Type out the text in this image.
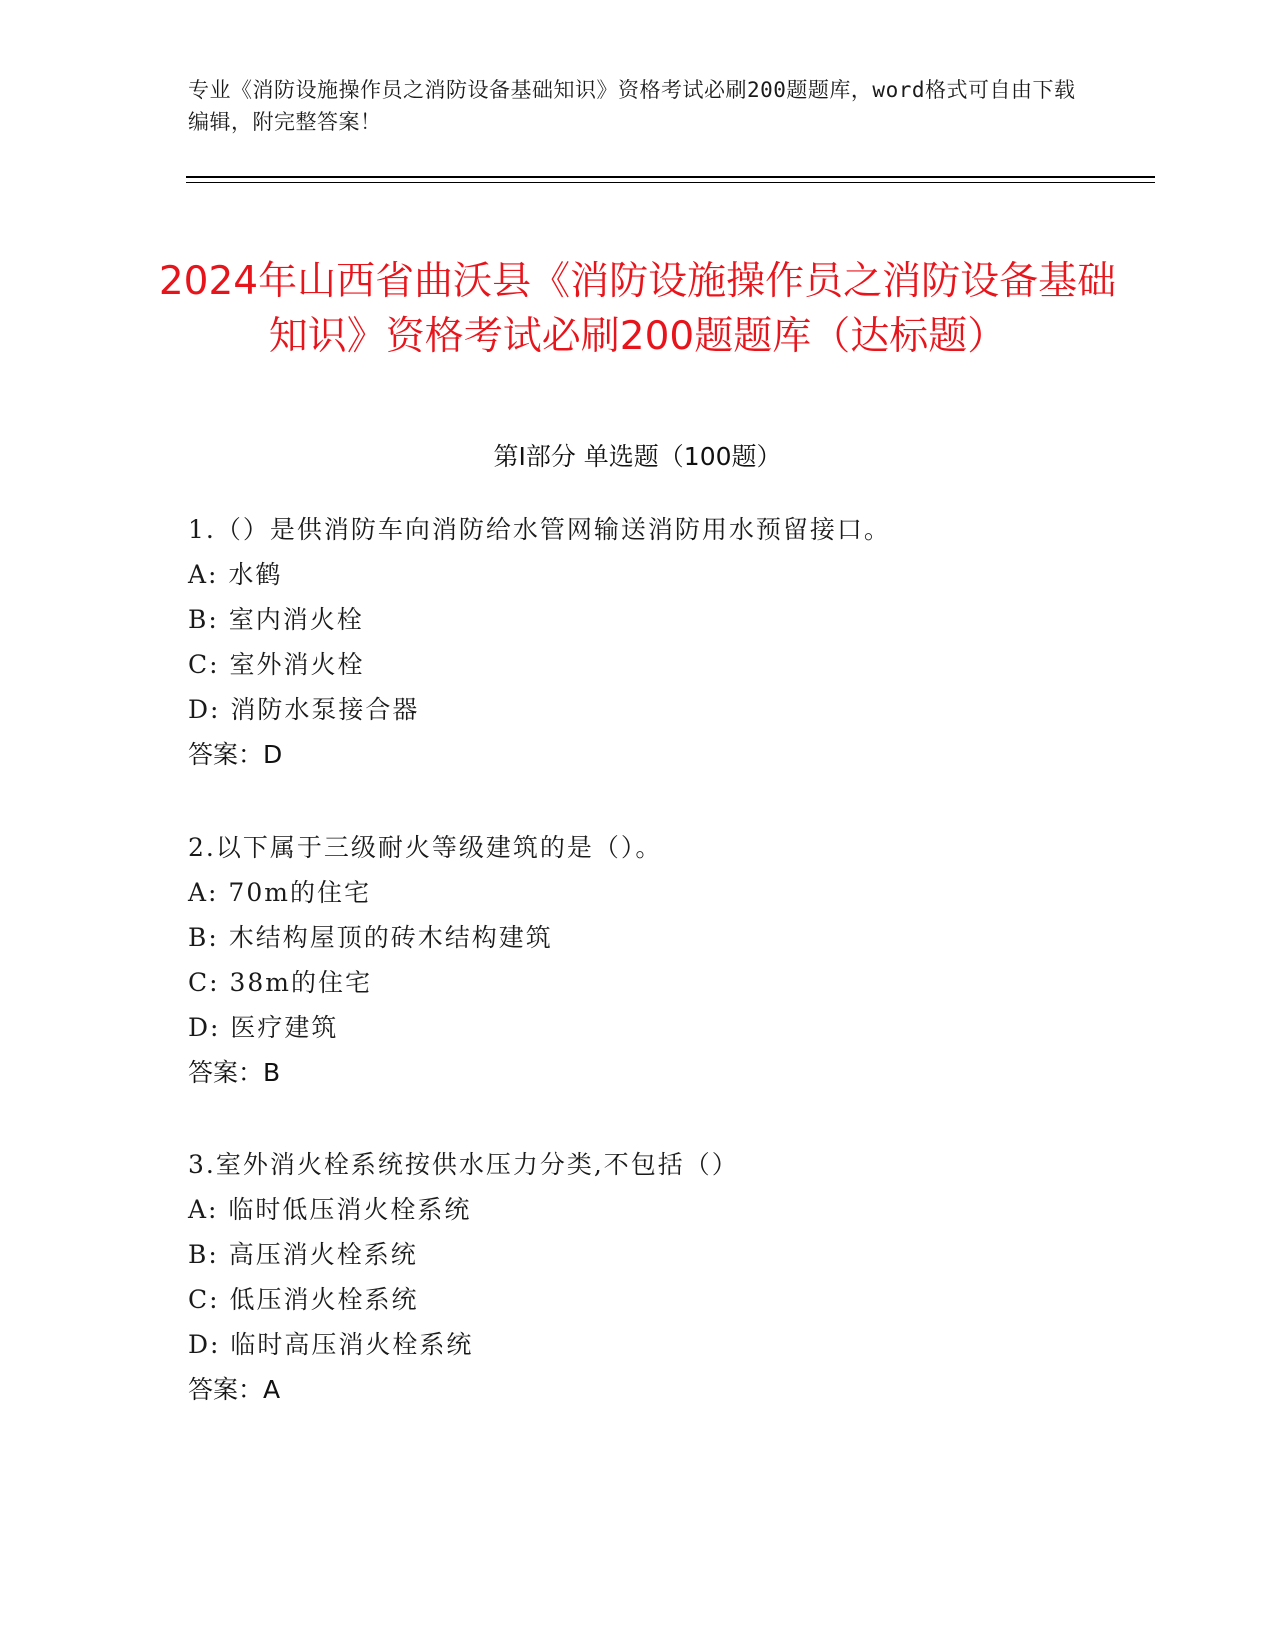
专业《消防设施操作员之消防设备基础知识》资格考试必刷200题题库，word格式可自由下载编辑，附完整答案！
2024年山西省曲沃县《消防设施操作员之消防设备基础知识》资格考试必刷200题题库（达标题）
第I部分 单选题（100题）
1.（）是供消防车向消防给水管网输送消防用水预留接口。
A: 水鹤
B: 室内消火栓
C: 室外消火栓
D: 消防水泵接合器
答案：D
2.以下属于三级耐火等级建筑的是（）。
A: 70m的住宅
B: 木结构屋顶的砖木结构建筑
C: 38m的住宅
D: 医疗建筑
答案：B
3.室外消火栓系统按供水压力分类,不包括（）
A: 临时低压消火栓系统
B: 高压消火栓系统
C: 低压消火栓系统
D: 临时高压消火栓系统
答案：A
